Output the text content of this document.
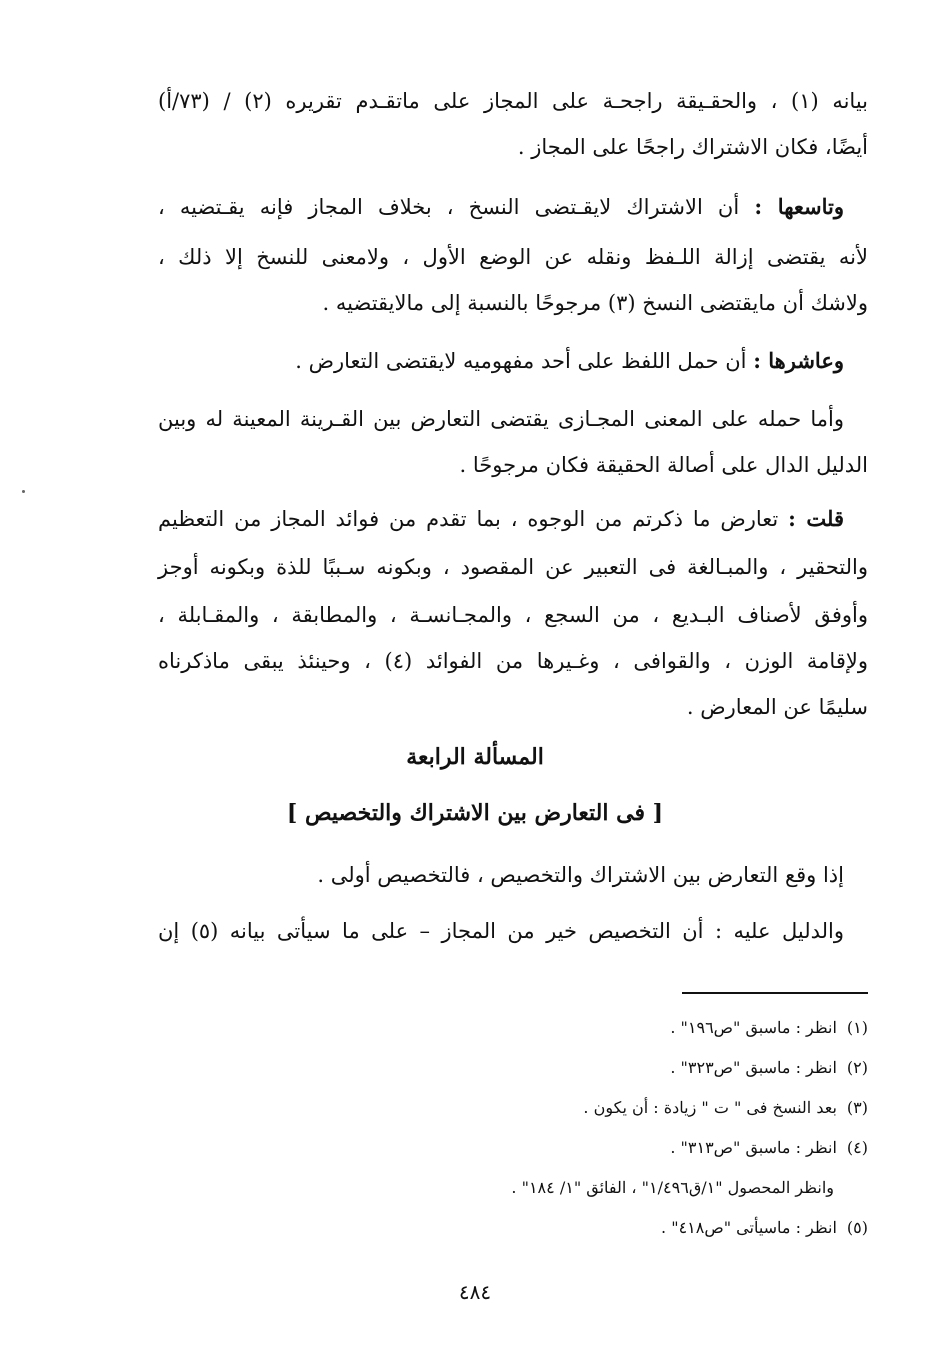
بيانه (١) ، والحقـيقة راجحـة على المجاز على ماتقـدم تقريره (٢) / (٧٣/أ)
أيضًا، فكان الاشتراك راجحًا على المجاز .
وتاسعها : أن الاشتراك لايقـتضى النسخ ، بخلاف المجاز فإنه يقـتضيه ،
لأنه يقتضى إزالة اللـفظ ونقله عن الوضع الأول ، ولامعنى للنسخ إلا ذلك ،
ولاشك أن مايقتضى النسخ (٣) مرجوحًا بالنسبة إلى مالايقتضيه .
وعاشرها : أن حمل اللفظ على أحد مفهوميه لايقتضى التعارض .
وأما حمله على المعنى المجـازى يقتضى التعارض بين القـرينة المعينة له وبين
الدليل الدال على أصالة الحقيقة فكان مرجوحًا .
قلت : تعارض ما ذكرتم من الوجوه ، بما تقدم من فوائد المجاز من التعظيم
والتحقير ، والمبـالغة فى التعبير عن المقصود ، وبكونه سـببًا للذة وبكونه أوجز
وأوفق لأصناف البـديع ، من السجع ، والمجـانسـة ، والمطابقة ، والمقـابلة ،
ولإقامة الوزن ، والقوافى ، وغـيرها من الفوائد (٤) ، وحينئذ يبقى ماذكرناه
سليمًا عن المعارض .
المسألة الرابعة
[ فى التعارض بين الاشتراك والتخصيص ]
إذا وقع التعارض بين الاشتراك والتخصيص ، فالتخصيص أولى .
والدليل عليه : أن التخصيص خير من المجاز – على ما سيأتى بيانه (٥) إن
(١)انظر : ماسبق "ص١٩٦" .
(٢)انظر : ماسبق "ص٣٢٣" .
(٣)بعد النسخ فى " ت " زيادة : أن يكون .
(٤)انظر : ماسبق "ص٣١٣" .
وانظر المحصول "١/ق١/٤٩٦" ، الفائق "١/ ١٨٤" .
(٥)انظر : ماسيأتى "ص٤١٨" .
٤٨٤
